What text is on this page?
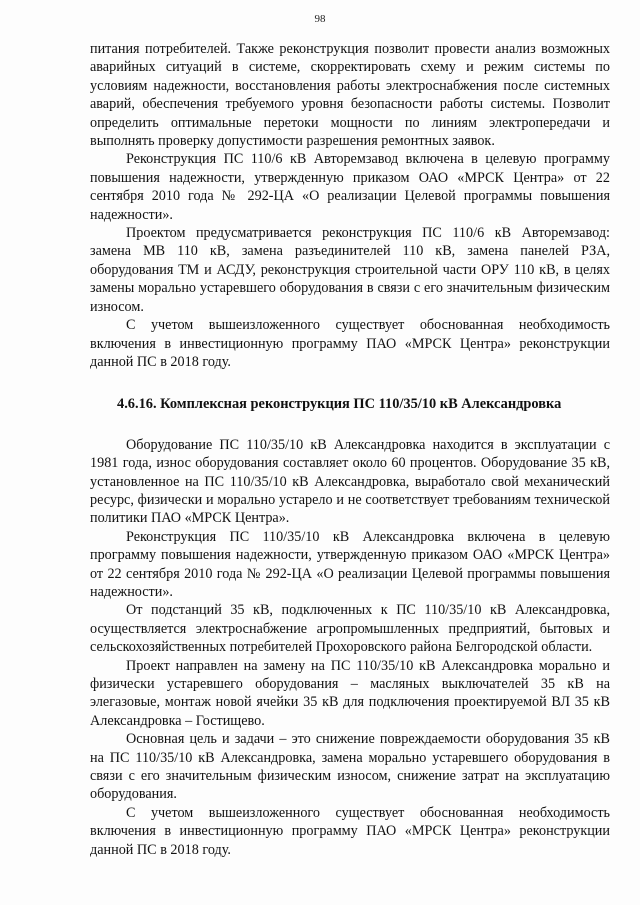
98

питания потребителей. Также реконструкция позволит провести анализ возможных аварийных ситуаций в системе, скорректировать схему и режим системы по условиям надежности, восстановления работы электроснабжения после системных аварий, обеспечения требуемого уровня безопасности работы системы. Позволит определить оптимальные перетоки мощности по линиям электропередачи и выполнять проверку допустимости разрешения ремонтных заявок.

Реконструкция ПС 110/6 кВ Авторемзавод включена в целевую программу повышения надежности, утвержденную приказом ОАО «МРСК Центра» от 22 сентября 2010 года № 292-ЦА «О реализации Целевой программы повышения надежности».

Проектом предусматривается реконструкция ПС 110/6 кВ Авторемзавод: замена МВ 110 кВ, замена разъединителей 110 кВ, замена панелей РЗА, оборудования ТМ и АСДУ, реконструкция строительной части ОРУ 110 кВ, в целях замены морально устаревшего оборудования в связи с его значительным физическим износом.

С учетом вышеизложенного существует обоснованная необходимость включения в инвестиционную программу ПАО «МРСК Центра» реконструкции данной ПС в 2018 году.

4.6.16. Комплексная реконструкция ПС 110/35/10 кВ Александровка

Оборудование ПС 110/35/10 кВ Александровка находится в эксплуатации с 1981 года, износ оборудования составляет около 60 процентов. Оборудование 35 кВ, установленное на ПС 110/35/10 кВ Александровка, выработало свой механический ресурс, физически и морально устарело и не соответствует требованиям технической политики ПАО «МРСК Центра».

Реконструкция ПС 110/35/10 кВ Александровка включена в целевую программу повышения надежности, утвержденную приказом ОАО «МРСК Центра» от 22 сентября 2010 года № 292-ЦА «О реализации Целевой программы повышения надежности».

От подстанций 35 кВ, подключенных к ПС 110/35/10 кВ Александровка, осуществляется электроснабжение агропромышленных предприятий, бытовых и сельскохозяйственных потребителей Прохоровского района Белгородской области.

Проект направлен на замену на ПС 110/35/10 кВ Александровка морально и физически устаревшего оборудования – масляных выключателей 35 кВ на элегазовые, монтаж новой ячейки 35 кВ для подключения проектируемой ВЛ 35 кВ Александровка – Гостищево.

Основная цель и задачи – это снижение повреждаемости оборудования 35 кВ на ПС 110/35/10 кВ Александровка, замена морально устаревшего оборудования в связи с его значительным физическим износом, снижение затрат на эксплуатацию оборудования.

С учетом вышеизложенного существует обоснованная необходимость включения в инвестиционную программу ПАО «МРСК Центра» реконструкции данной ПС в 2018 году.
